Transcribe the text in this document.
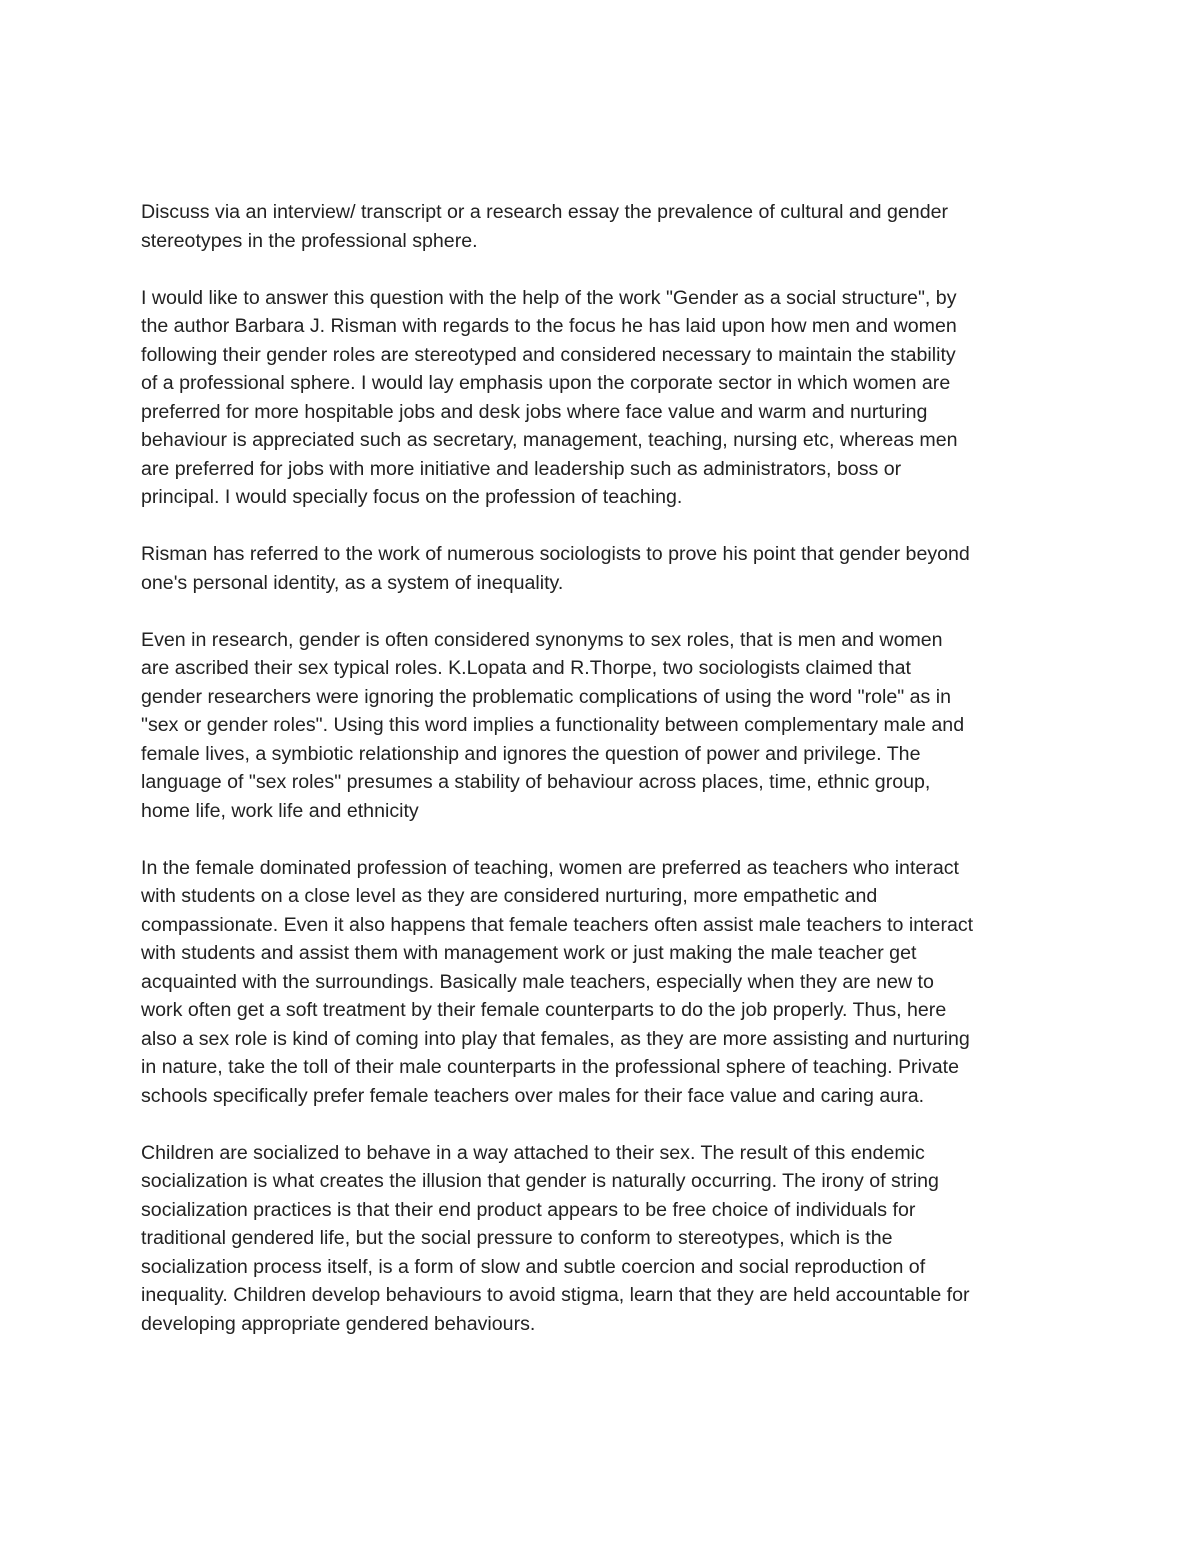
Discuss via an interview/ transcript or a research essay the prevalence of cultural and gender
stereotypes in the professional sphere.
I would like to answer this question with the help of the work "Gender as a social structure", by
the author Barbara J. Risman with regards to the focus he has laid upon how men and women
following their gender roles are stereotyped and considered necessary to maintain the stability
of a professional sphere. I would lay emphasis upon the corporate sector in which women are
preferred for more hospitable jobs and desk jobs where face value and warm and nurturing
behaviour is appreciated such as secretary, management, teaching, nursing etc, whereas men
are preferred for jobs with more initiative and leadership such as administrators, boss or
principal. I would specially focus on the profession of teaching.
Risman has referred to the work of numerous sociologists to prove his point that gender beyond
one's personal identity, as a system of inequality.
Even in research, gender is often considered synonyms to sex roles, that is men and women
are ascribed their sex typical roles. K.Lopata and R.Thorpe, two sociologists claimed that
gender researchers were ignoring the problematic complications of using the word "role" as in
"sex or gender roles". Using this word implies a functionality between complementary male and
female lives, a symbiotic relationship and ignores the question of power and privilege. The
language of "sex roles" presumes a stability of behaviour across places, time, ethnic group,
home life, work life and ethnicity
In the female dominated profession of teaching, women are preferred as teachers who interact
with students on a close level as they are considered nurturing, more empathetic and
compassionate. Even it also happens that female teachers often assist male teachers to interact
with students and assist them with management work or just making the male teacher get
acquainted with the surroundings. Basically male teachers, especially when they are new to
work often get a soft treatment by their female counterparts to do the job properly. Thus, here
also a sex role is kind of coming into play that females, as they are more assisting and nurturing
in nature, take the toll of their male counterparts in the professional sphere of teaching. Private
schools specifically prefer female teachers over males for their face value and caring aura.
Children are socialized to behave in a way attached to their sex. The result of this endemic
socialization is what creates the illusion that gender is naturally occurring. The irony of string
socialization practices is that their end product appears to be free choice of individuals for
traditional gendered life, but the social pressure to conform to stereotypes, which is the
socialization process itself, is a form of slow and subtle coercion and social reproduction of
inequality. Children develop behaviours to avoid stigma, learn that they are held accountable for
developing appropriate gendered behaviours.
